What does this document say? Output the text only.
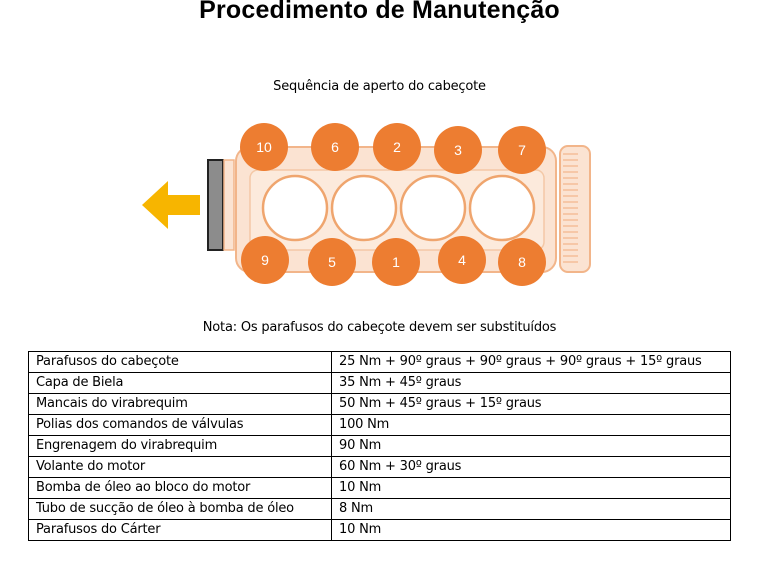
Procedimento de Manutenção
Sequência de aperto do cabeçote
10	6	2	3	7
9	5	1	4	8
Nota: Os parafusos do cabeçote devem ser substituídos
Parafusos do cabeçote	25 Nm + 90º graus + 90º graus + 90º graus + 15º graus
Capa de Biela	35 Nm + 45º graus
Mancais do virabrequim	50 Nm + 45º graus + 15º graus
Polias dos comandos de válvulas	100 Nm
Engrenagem do virabrequim	90 Nm
Volante do motor	60 Nm + 30º graus
Bomba de óleo ao bloco do motor	10 Nm
Tubo de sucção de óleo à bomba de óleo	8 Nm
Parafusos do Cárter	10 Nm
